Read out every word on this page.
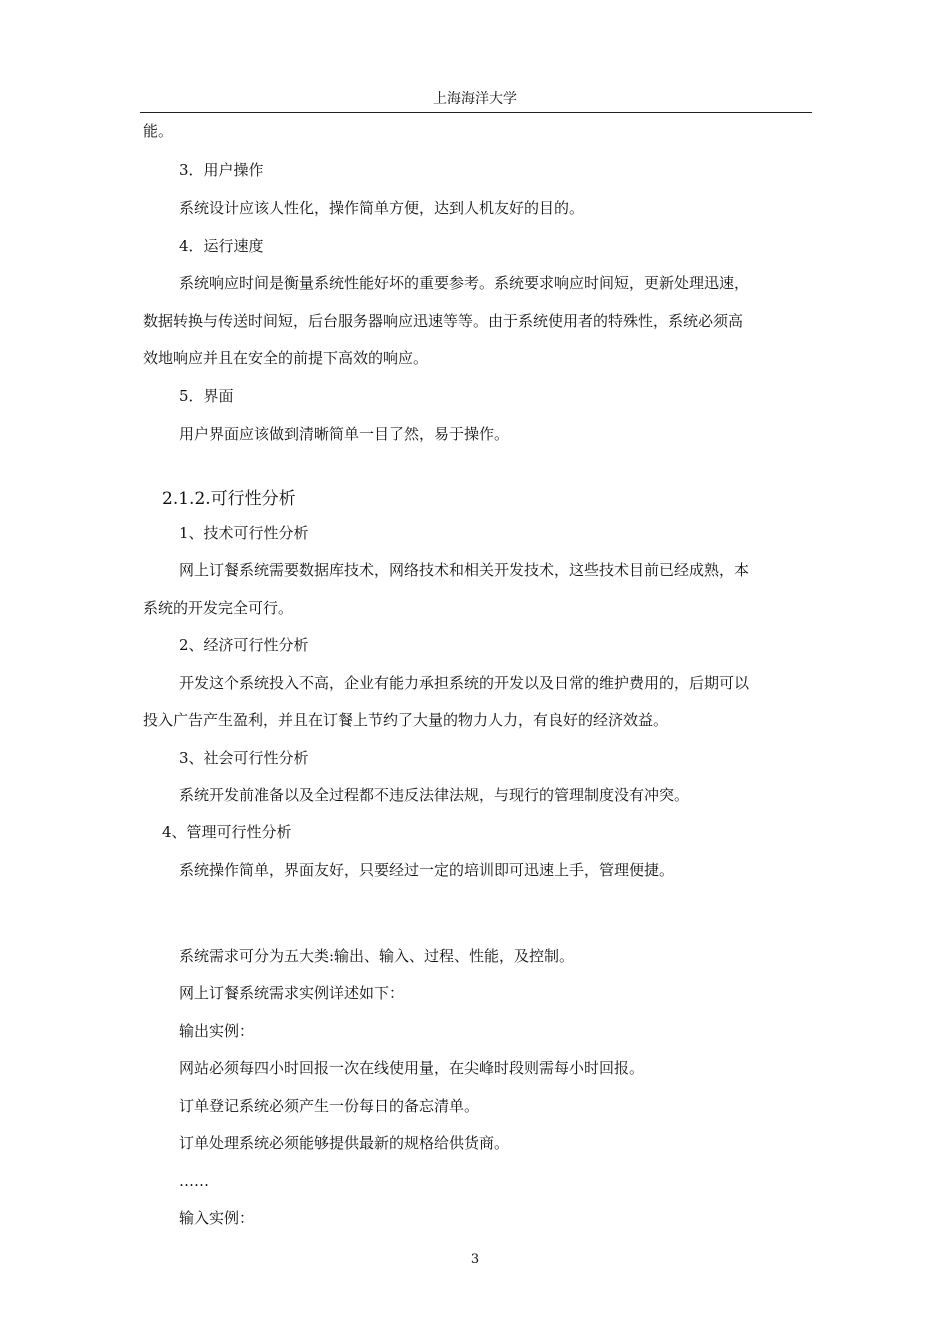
上海海洋大学
能。
3．用户操作
系统设计应该人性化，操作简单方便，达到人机友好的目的。
4．运行速度
系统响应时间是衡量系统性能好坏的重要参考。系统要求响应时间短，更新处理迅速，
数据转换与传送时间短，后台服务器响应迅速等等。由于系统使用者的特殊性，系统必须高
效地响应并且在安全的前提下高效的响应。
5．界面
用户界面应该做到清晰简单一目了然，易于操作。
2.1.2.可行性分析
1、技术可行性分析
网上订餐系统需要数据库技术，网络技术和相关开发技术，这些技术目前已经成熟，本
系统的开发完全可行。
2、经济可行性分析
开发这个系统投入不高，企业有能力承担系统的开发以及日常的维护费用的，后期可以
投入广告产生盈利，并且在订餐上节约了大量的物力人力，有良好的经济效益。
3、社会可行性分析
系统开发前准备以及全过程都不违反法律法规，与现行的管理制度没有冲突。
4、管理可行性分析
系统操作简单，界面友好，只要经过一定的培训即可迅速上手，管理便捷。
系统需求可分为五大类:输出、输入、过程、性能，及控制。
网上订餐系统需求实例详述如下：
输出实例：
网站必须每四小时回报一次在线使用量，在尖峰时段则需每小时回报。
订单登记系统必须产生一份每日的备忘清单。
订单处理系统必须能够提供最新的规格给供货商。
……
输入实例：
3
